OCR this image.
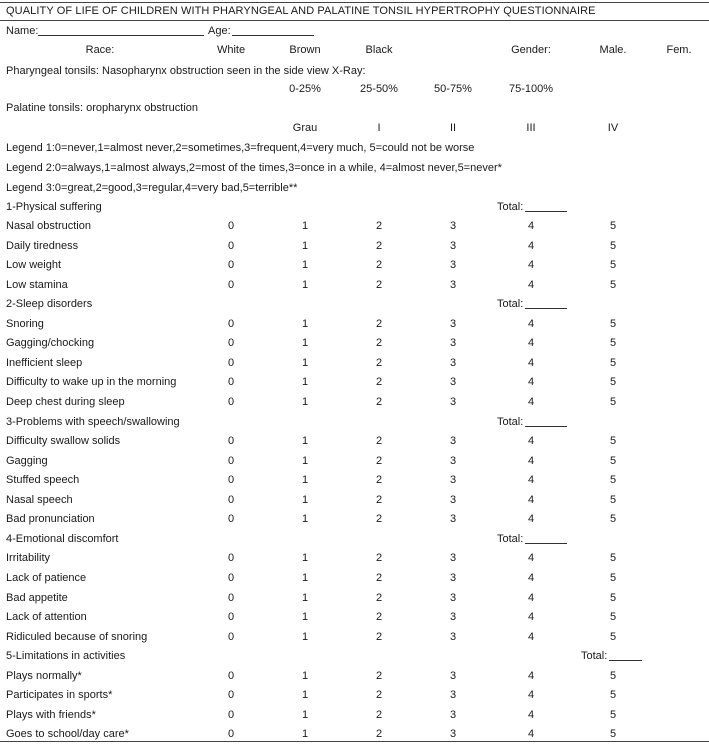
QUALITY OF LIFE OF CHILDREN WITH PHARYNGEAL AND PALATINE TONSIL HYPERTROPHY QUESTIONNAIRE
Name:	Age:
Race:	White	Brown	Black	Gender:	Male.	Fem.
Pharyngeal tonsils: Nasopharynx obstruction seen in the side view X-Ray:
0-25%	25-50%	50-75%	75-100%
Palatine tonsils: oropharynx obstruction
Grau	I	II	III	IV
Legend 1:0=never,1=almost never,2=sometimes,3=frequent,4=very much, 5=could not be worse
Legend 2:0=always,1=almost always,2=most of the times,3=once in a while, 4=almost never,5=never*
Legend 3:0=great,2=good,3=regular,4=very bad,5=terrible**
1-Physical suffering	Total:
Nasal obstruction	0	1	2	3	4	5
Daily tiredness	0	1	2	3	4	5
Low weight	0	1	2	3	4	5
Low stamina	0	1	2	3	4	5
2-Sleep disorders	Total:
Snoring	0	1	2	3	4	5
Gagging/chocking	0	1	2	3	4	5
Inefficient sleep	0	1	2	3	4	5
Difficulty to wake up in the morning	0	1	2	3	4	5
Deep chest during sleep	0	1	2	3	4	5
3-Problems with speech/swallowing	Total:
Difficulty swallow solids	0	1	2	3	4	5
Gagging	0	1	2	3	4	5
Stuffed speech	0	1	2	3	4	5
Nasal speech	0	1	2	3	4	5
Bad pronunciation	0	1	2	3	4	5
4-Emotional discomfort	Total:
Irritability	0	1	2	3	4	5
Lack of patience	0	1	2	3	4	5
Bad appetite	0	1	2	3	4	5
Lack of attention	0	1	2	3	4	5
Ridiculed because of snoring	0	1	2	3	4	5
5-Limitations in activities	Total:
Plays normally*	0	1	2	3	4	5
Participates in sports*	0	1	2	3	4	5
Plays with friends*	0	1	2	3	4	5
Goes to school/day care*	0	1	2	3	4	5
